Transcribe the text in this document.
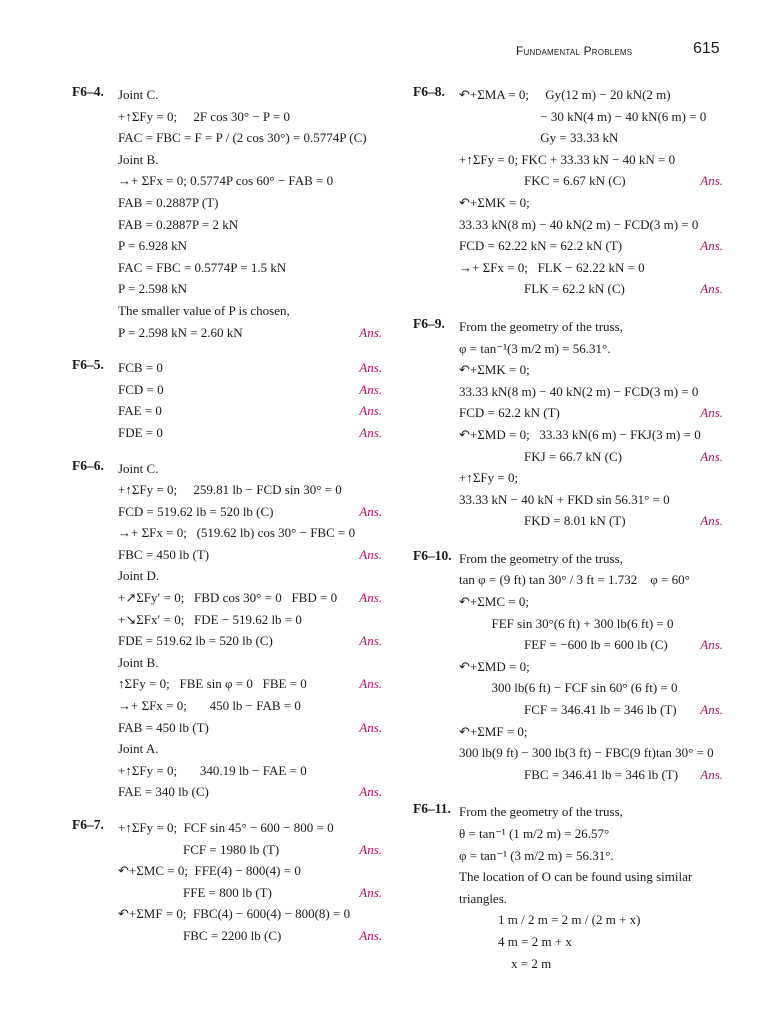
Fundamental Problems	615
F6–4. Joint C.
+↑ΣFy = 0;     2F cos 30° − P = 0
FAC = FBC = F = P / (2 cos 30°) = 0.5774P (C)
Joint B.
→+ ΣFx = 0; 0.5774P cos 60° − FAB = 0
FAB = 0.2887P (T)
FAB = 0.2887P = 2 kN
P = 6.928 kN
FAC = FBC = 0.5774P = 1.5 kN
P = 2.598 kN
The smaller value of P is chosen,
P = 2.598 kN = 2.60 kN	Ans.
F6–5. FCB = 0	Ans.
FCD = 0	Ans.
FAE = 0	Ans.
FDE = 0	Ans.
F6–6. Joint C.
+↑ΣFy = 0;     259.81 lb − FCD sin 30° = 0
FCD = 519.62 lb = 520 lb (C)	Ans.
→+ ΣFx = 0;   (519.62 lb) cos 30° − FBC = 0
FBC = 450 lb (T)	Ans.
Joint D.
+↗ΣFy′ = 0;   FBD cos 30° = 0   FBD = 0 Ans.
+↘ΣFx′ = 0;   FDE − 519.62 lb = 0
FDE = 519.62 lb = 520 lb (C)	Ans.
Joint B.
↑ΣFy = 0;   FBE sin φ = 0   FBE = 0	Ans.
→+ ΣFx = 0;       450 lb − FAB = 0
FAB = 450 lb (T)	Ans.
Joint A.
+↑ΣFy = 0;       340.19 lb − FAE = 0
FAE = 340 lb (C)	Ans.
F6–7. +↑ΣFy = 0;  FCF sin 45° − 600 − 800 = 0
FCF = 1980 lb (T)	Ans.
↶+ΣMC = 0;  FFE(4) − 800(4) = 0
FFE = 800 lb (T)	Ans.
↶+ΣMF = 0;  FBC(4) − 600(4) − 800(8) = 0
FBC = 2200 lb (C)	Ans.
F6–8. ↶+ΣMA = 0;     Gy(12 m) − 20 kN(2 m)
− 30 kN(4 m) − 40 kN(6 m) = 0
Gy = 33.33 kN
+↑ΣFy = 0; FKC + 33.33 kN − 40 kN = 0
FKC = 6.67 kN (C)	Ans.
↶+ΣMK = 0;
33.33 kN(8 m) − 40 kN(2 m) − FCD(3 m) = 0
FCD = 62.22 kN = 62.2 kN (T)	Ans.
→+ ΣFx = 0;   FLK − 62.22 kN = 0
FLK = 62.2 kN (C)	Ans.
F6–9. From the geometry of the truss,
φ = tan⁻¹(3 m/2 m) = 56.31°.
↶+ΣMK = 0;
33.33 kN(8 m) − 40 kN(2 m) − FCD(3 m) = 0
FCD = 62.2 kN (T)	Ans.
↶+ΣMD = 0;   33.33 kN(6 m) − FKJ(3 m) = 0
FKJ = 66.7 kN (C)	Ans.
+↑ΣFy = 0;
33.33 kN − 40 kN + FKD sin 56.31° = 0
FKD = 8.01 kN (T)	Ans.
F6–10. From the geometry of the truss,
tan φ = (9 ft) tan 30° / 3 ft = 1.732    φ = 60°
↶+ΣMC = 0;
FEF sin 30°(6 ft) + 300 lb(6 ft) = 0
FEF = −600 lb = 600 lb (C)	Ans.
↶+ΣMD = 0;
300 lb(6 ft) − FCF sin 60° (6 ft) = 0
FCF = 346.41 lb = 346 lb (T) Ans.
↶+ΣMF = 0;
300 lb(9 ft) − 300 lb(3 ft) − FBC(9 ft)tan 30° = 0
FBC = 346.41 lb = 346 lb (T) Ans.
F6–11. From the geometry of the truss,
θ = tan⁻¹ (1 m/2 m) = 26.57°
φ = tan⁻¹ (3 m/2 m) = 56.31°.
The location of O can be found using similar
triangles.
1 m / 2 m = 2 m / (2 m + x)
4 m = 2 m + x
x = 2 m
